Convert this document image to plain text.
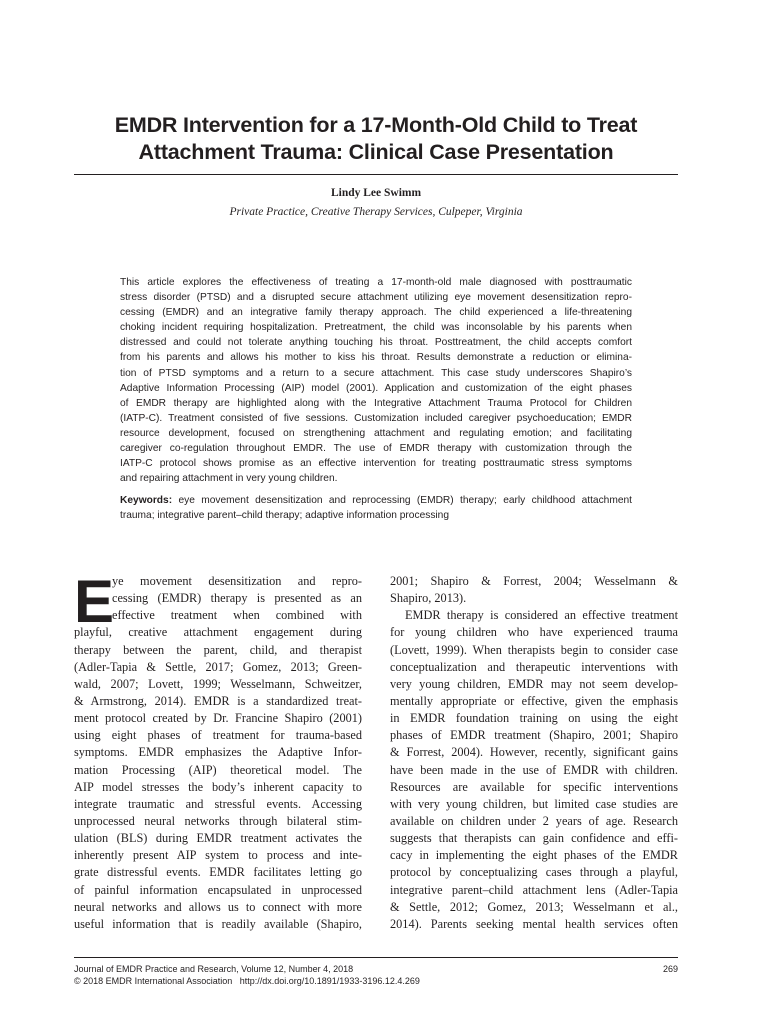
EMDR Intervention for a 17-Month-Old Child to Treat
Attachment Trauma: Clinical Case Presentation
Lindy Lee Swimm
Private Practice, Creative Therapy Services, Culpeper, Virginia
This article explores the effectiveness of treating a 17-month-old male diagnosed with posttraumatic
stress disorder (PTSD) and a disrupted secure attachment utilizing eye movement desensitization repro-
cessing (EMDR) and an integrative family therapy approach. The child experienced a life-threatening
choking incident requiring hospitalization. Pretreatment, the child was inconsolable by his parents when
distressed and could not tolerate anything touching his throat. Posttreatment, the child accepts comfort
from his parents and allows his mother to kiss his throat. Results demonstrate a reduction or elimina-
tion of PTSD symptoms and a return to a secure attachment. This case study underscores Shapiro’s
Adaptive Information Processing (AIP) model (2001). Application and customization of the eight phases
of EMDR therapy are highlighted along with the Integrative Attachment Trauma Protocol for Children
(IATP-C). Treatment consisted of five sessions. Customization included caregiver psychoeducation; EMDR
resource development, focused on strengthening attachment and regulating emotion; and facilitating
caregiver co-regulation throughout EMDR. The use of EMDR therapy with customization through the
IATP-C protocol shows promise as an effective intervention for treating posttraumatic stress symptoms
and repairing attachment in very young children.
Keywords: eye movement desensitization and reprocessing (EMDR) therapy; early childhood attachment
trauma; integrative parent–child therapy; adaptive information processing
E
ye movement desensitization and repro-
cessing (EMDR) therapy is presented as an
effective treatment when combined with
playful, creative attachment engagement during
therapy between the parent, child, and therapist
(Adler-Tapia & Settle, 2017; Gomez, 2013; Green-
wald, 2007; Lovett, 1999; Wesselmann, Schweitzer,
& Armstrong, 2014). EMDR is a standardized treat-
ment protocol created by Dr. Francine Shapiro (2001)
using eight phases of treatment for trauma-based
symptoms. EMDR emphasizes the Adaptive Infor-
mation Processing (AIP) theoretical model. The
AIP model stresses the body’s inherent capacity to
integrate traumatic and stressful events. Accessing
unprocessed neural networks through bilateral stim-
ulation (BLS) during EMDR treatment activates the
inherently present AIP system to process and inte-
grate distressful events. EMDR facilitates letting go
of painful information encapsulated in unprocessed
neural networks and allows us to connect with more
useful information that is readily available (Shapiro,
2001; Shapiro & Forrest, 2004; Wesselmann &
Shapiro, 2013).
EMDR therapy is considered an effective treatment
for young children who have experienced trauma
(Lovett, 1999). When therapists begin to consider case
conceptualization and therapeutic interventions with
very young children, EMDR may not seem develop-
mentally appropriate or effective, given the emphasis
in EMDR foundation training on using the eight
phases of EMDR treatment (Shapiro, 2001; Shapiro
& Forrest, 2004). However, recently, significant gains
have been made in the use of EMDR with children.
Resources are available for specific interventions
with very young children, but limited case studies are
available on children under 2 years of age. Research
suggests that therapists can gain confidence and effi-
cacy in implementing the eight phases of the EMDR
protocol by conceptualizing cases through a playful,
integrative parent–child attachment lens (Adler-Tapia
& Settle, 2012; Gomez, 2013; Wesselmann et al.,
2014). Parents seeking mental health services often
Journal of EMDR Practice and Research, Volume 12, Number 4, 2018	269
© 2018 EMDR International Association http://dx.doi.org/10.1891/1933-3196.12.4.269
